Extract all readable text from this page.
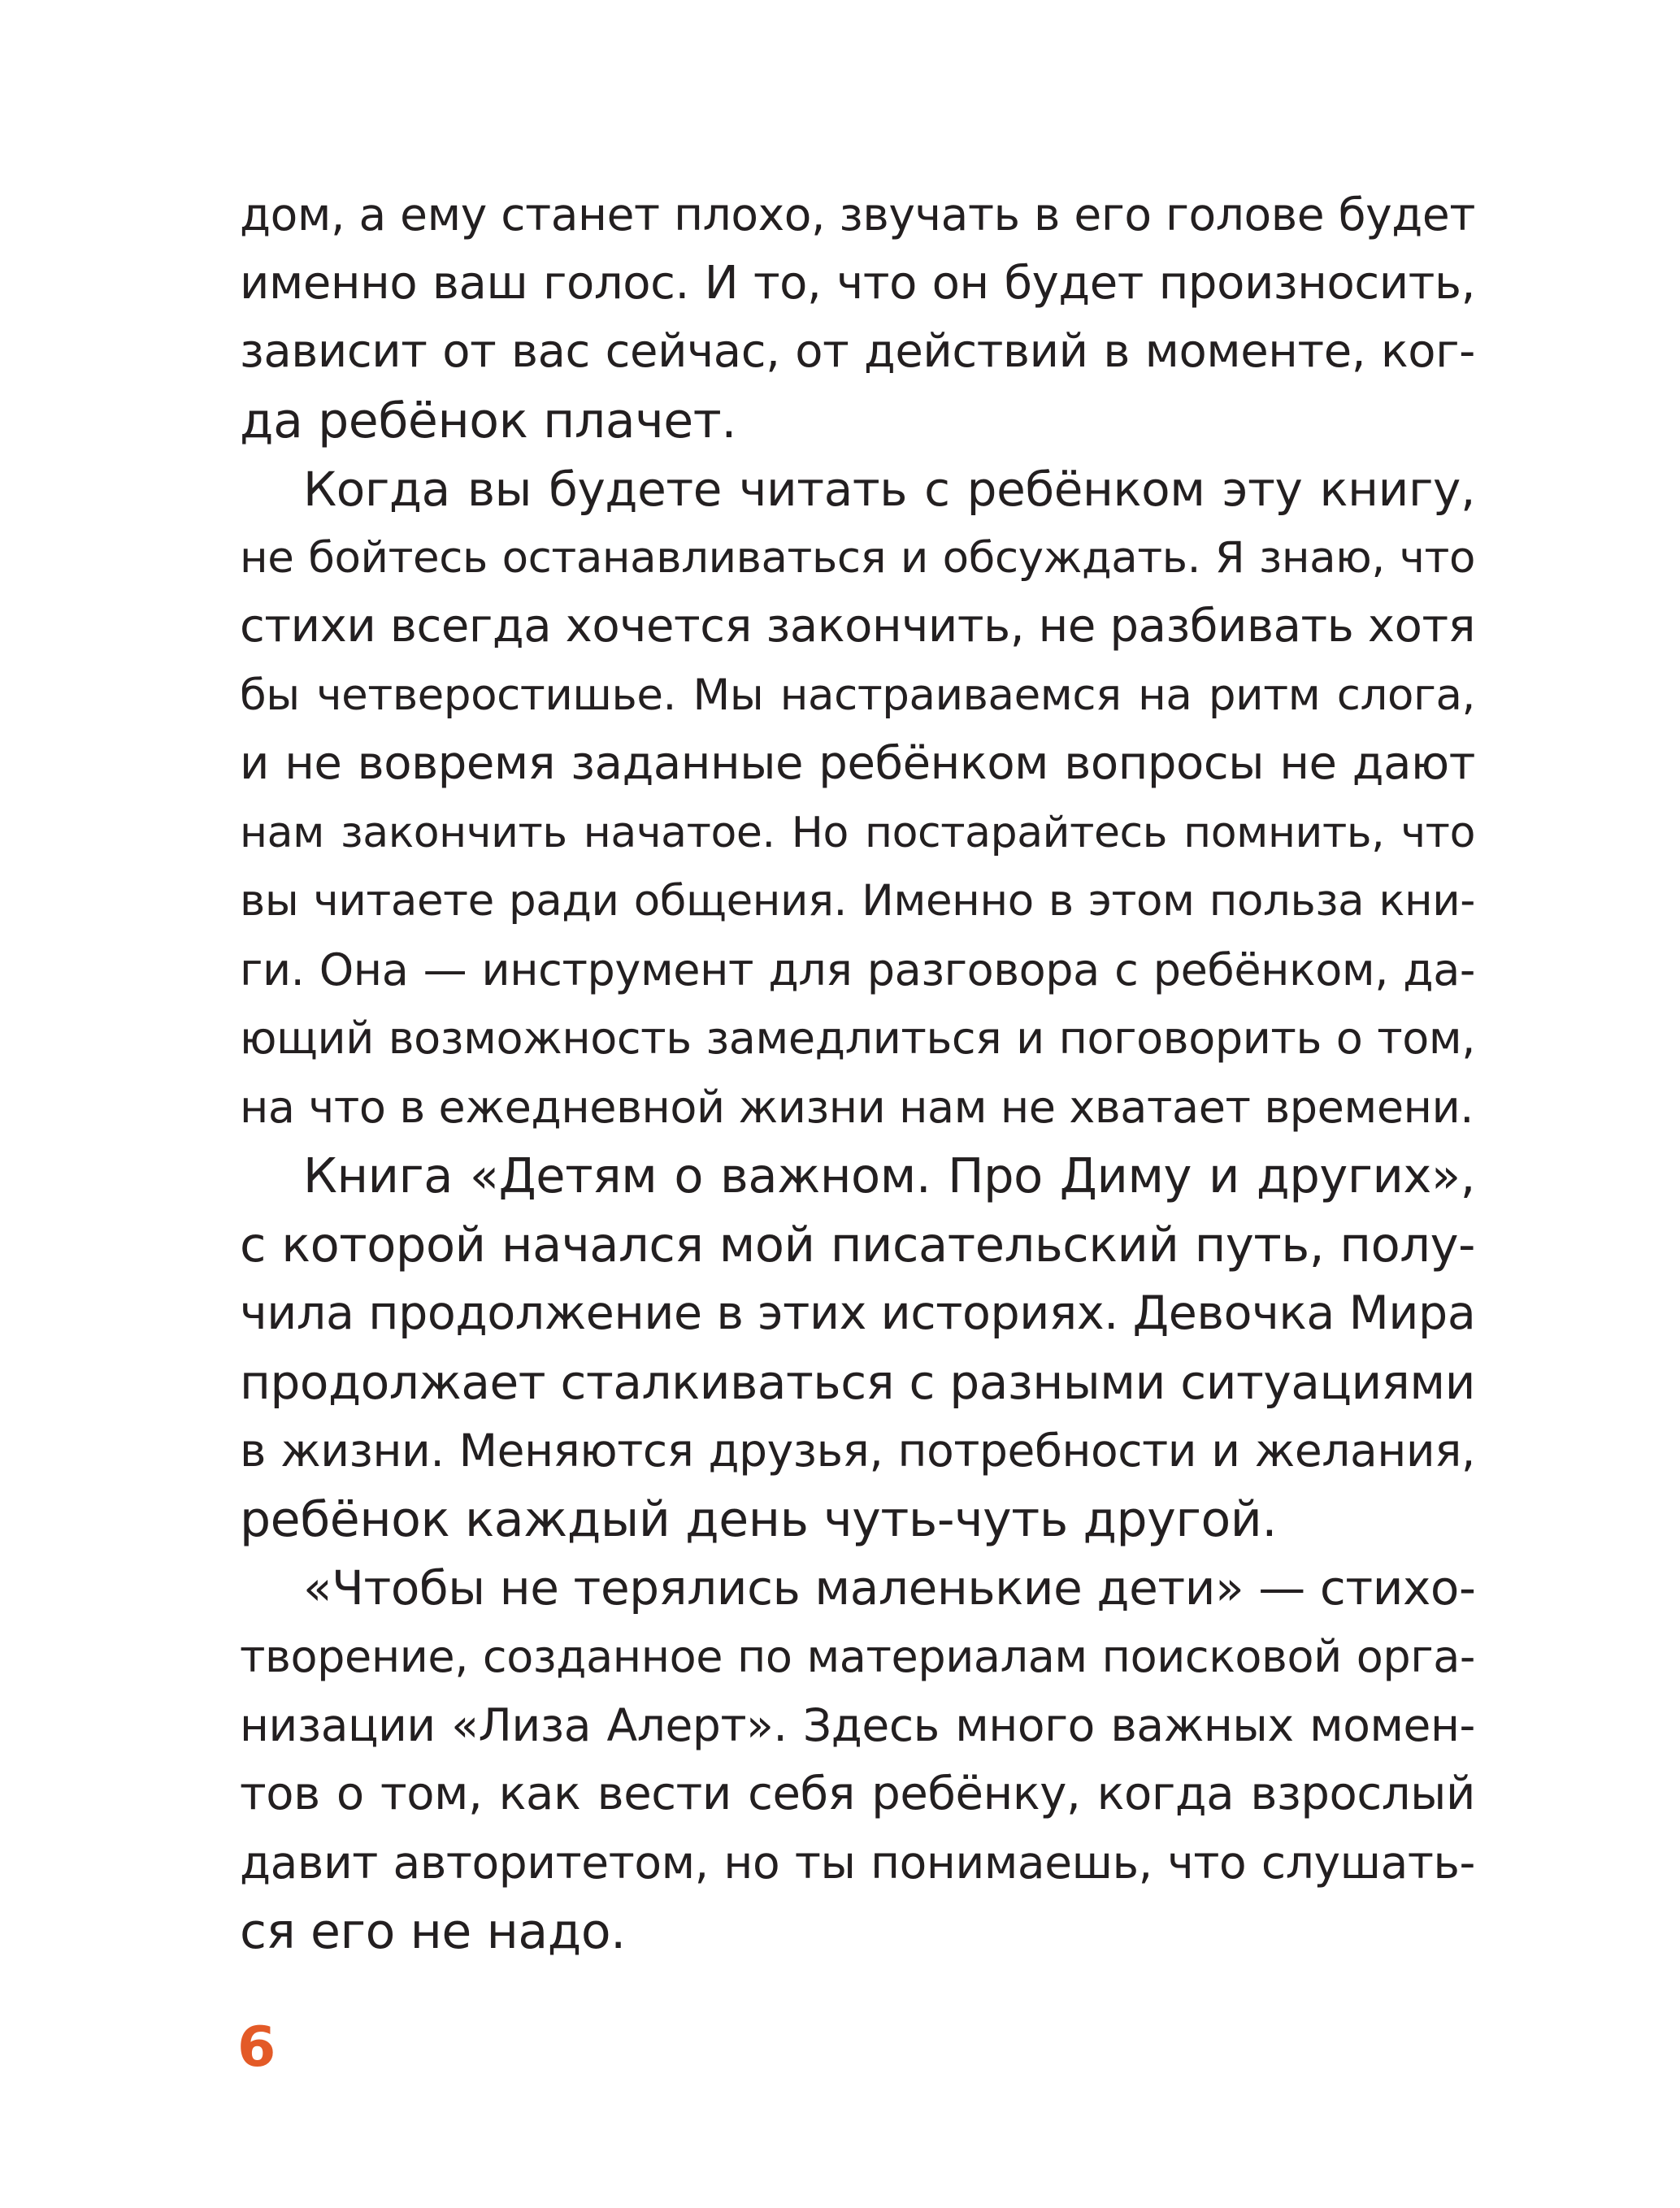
дом, а ему станет плохо, звучать в его голове будет
именно ваш голос. И то, что он будет произносить,
зависит от вас сейчас, от действий в моменте, ког-
да ребёнок плачет.
Когда вы будете читать с ребёнком эту книгу,
не бойтесь останавливаться и обсуждать. Я знаю, что
стихи всегда хочется закончить, не разбивать хотя
бы четверостишье. Мы настраиваемся на ритм слога,
и не вовремя заданные ребёнком вопросы не дают
нам закончить начатое. Но постарайтесь помнить, что
вы читаете ради общения. Именно в этом польза кни-
ги. Она — инструмент для разговора с ребёнком, да-
ющий возможность замедлиться и поговорить о том,
на что в ежедневной жизни нам не хватает времени.
Книга «Детям о важном. Про Диму и других»,
с которой начался мой писательский путь, полу-
чила продолжение в этих историях. Девочка Мира
продолжает сталкиваться с разными ситуациями
в жизни. Меняются друзья, потребности и желания,
ребёнок каждый день чуть-чуть другой.
«Чтобы не терялись маленькие дети» — стихо-
творение, созданное по материалам поисковой орга-
низации «Лиза Алерт». Здесь много важных момен-
тов о том, как вести себя ребёнку, когда взрослый
давит авторитетом, но ты понимаешь, что слушать-
ся его не надо.
6
